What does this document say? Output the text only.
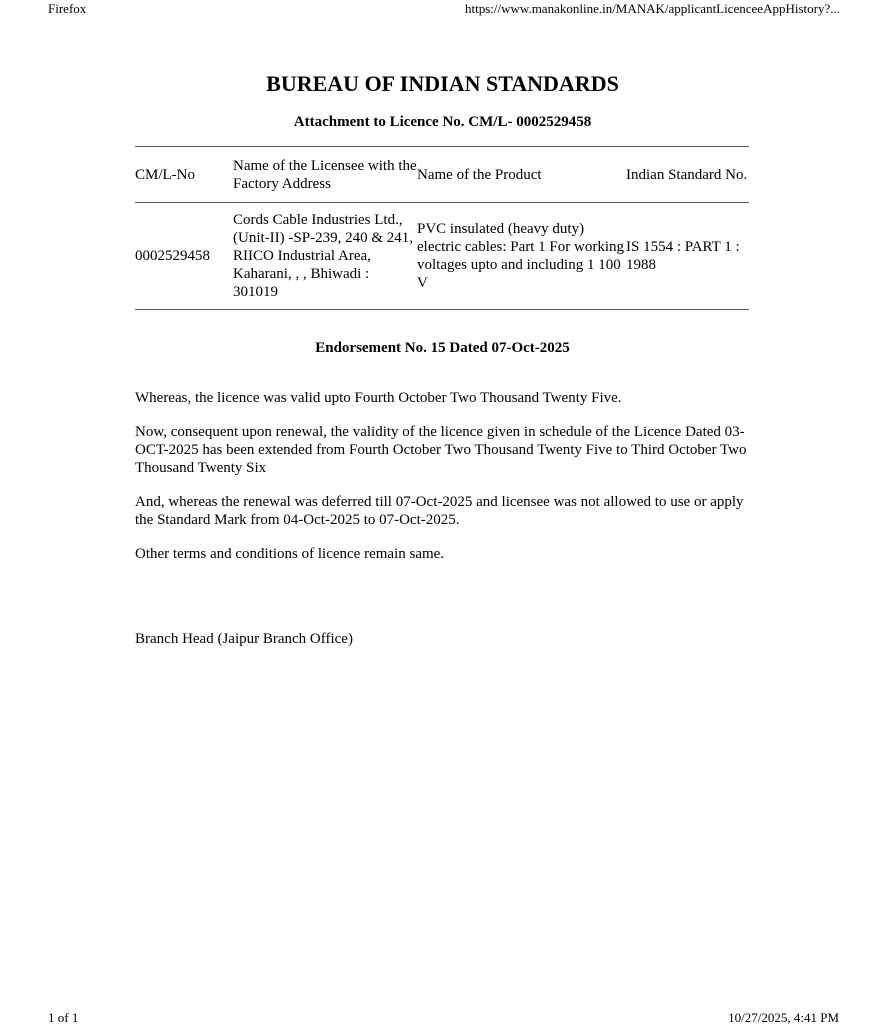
Firefox	https://www.manakonline.in/MANAK/applicantLicenceeAppHistory?...
BUREAU OF INDIAN STANDARDS
Attachment to Licence No. CM/L- 0002529458
CM/L-No	Name of the Licensee with the Factory Address	Name of the Product	Indian Standard No.
0002529458	Cords Cable Industries Ltd., (Unit-II) -SP-239, 240 & 241, RIICO Industrial Area, Kaharani, , , Bhiwadi : 301019	PVC insulated (heavy duty) electric cables: Part 1 For working voltages upto and including 1 100 V	IS 1554 : PART 1 : 1988
Endorsement No. 15 Dated 07-Oct-2025

Whereas, the licence was valid upto Fourth October Two Thousand Twenty Five.

Now, consequent upon renewal, the validity of the licence given in schedule of the Licence Dated 03-OCT-2025 has been extended from Fourth October Two Thousand Twenty Five to Third October Two Thousand Twenty Six

And, whereas the renewal was deferred till 07-Oct-2025 and licensee was not allowed to use or apply the Standard Mark from 04-Oct-2025 to 07-Oct-2025.

Other terms and conditions of licence remain same.

Branch Head (Jaipur Branch Office)
1 of 1	10/27/2025, 4:41 PM
